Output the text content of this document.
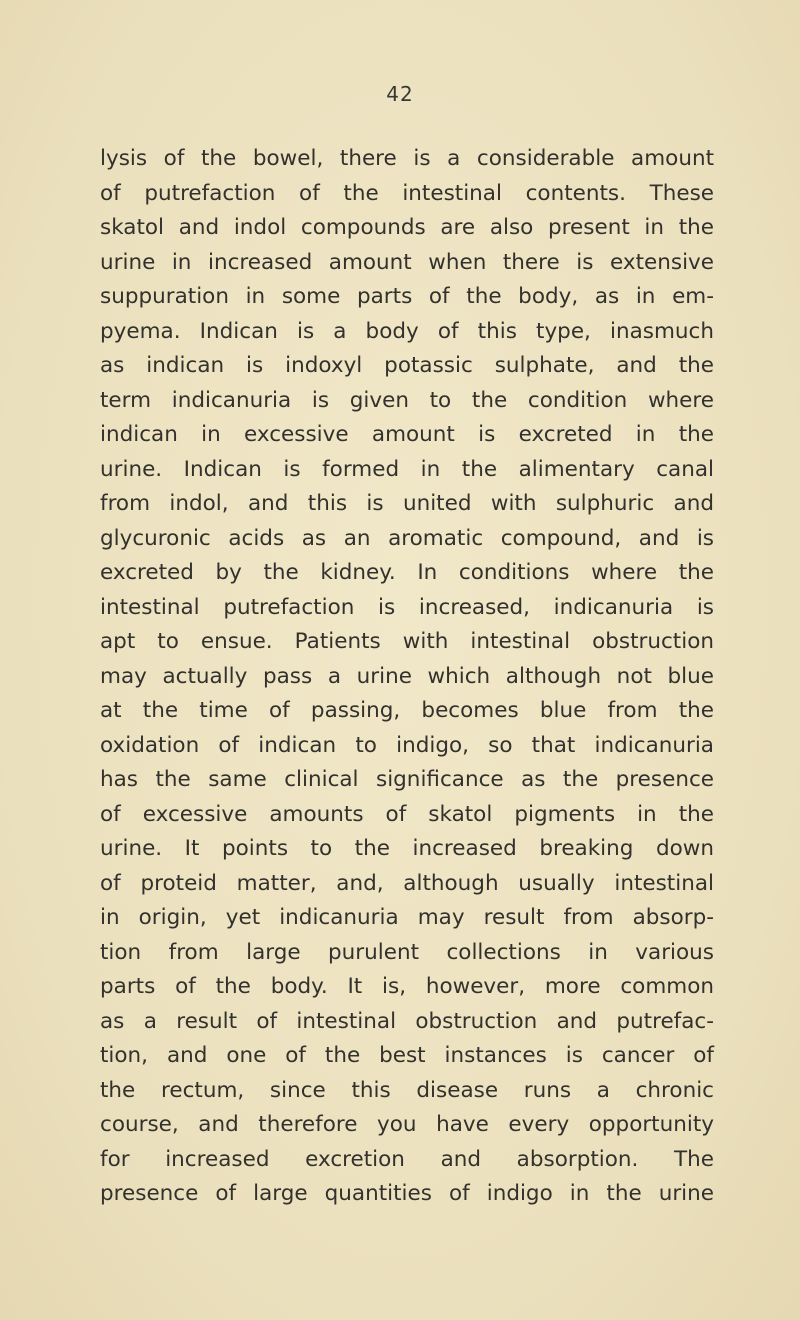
42
lysis of the bowel, there is a considerable amount
of putrefaction of the intestinal contents. These
skatol and indol compounds are also present in the
urine in increased amount when there is extensive
suppuration in some parts of the body, as in em-
pyema. Indican is a body of this type, inasmuch
as indican is indoxyl potassic sulphate, and the
term indicanuria is given to the condition where
indican in excessive amount is excreted in the
urine. Indican is formed in the alimentary canal
from indol, and this is united with sulphuric and
glycuronic acids as an aromatic compound, and is
excreted by the kidney. In conditions where the
intestinal putrefaction is increased, indicanuria is
apt to ensue. Patients with intestinal obstruction
may actually pass a urine which although not blue
at the time of passing, becomes blue from the
oxidation of indican to indigo, so that indicanuria
has the same clinical significance as the presence
of excessive amounts of skatol pigments in the
urine. It points to the increased breaking down
of proteid matter, and, although usually intestinal
in origin, yet indicanuria may result from absorp-
tion from large purulent collections in various
parts of the body. It is, however, more common
as a result of intestinal obstruction and putrefac-
tion, and one of the best instances is cancer of
the rectum, since this disease runs a chronic
course, and therefore you have every opportunity
for increased excretion and absorption. The
presence of large quantities of indigo in the urine
